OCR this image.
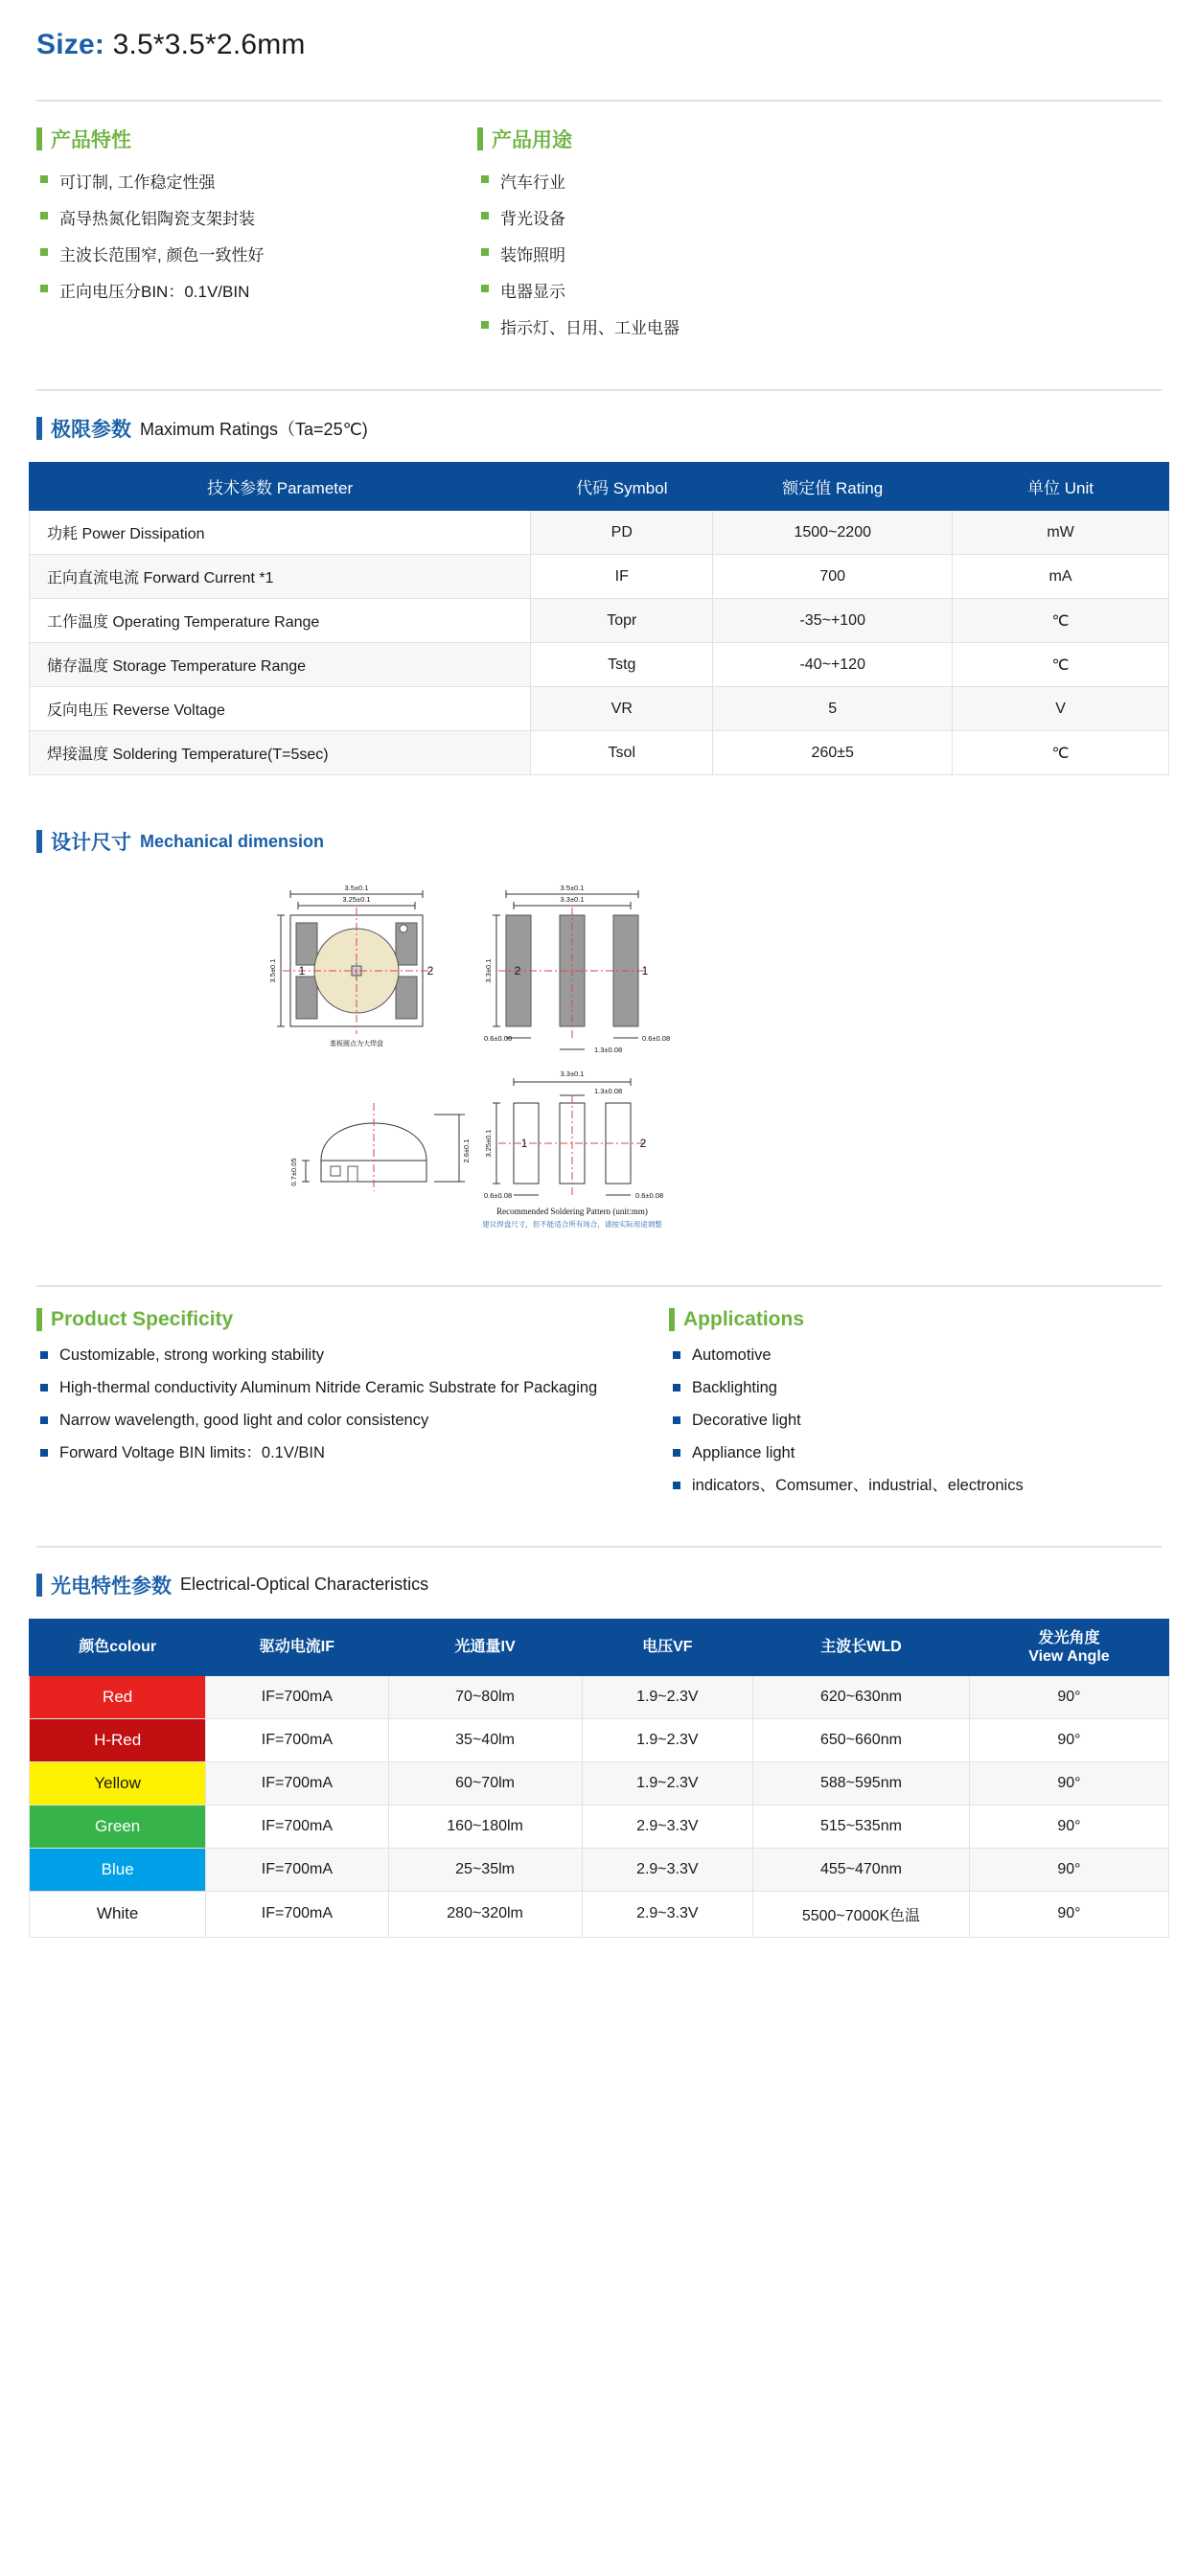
Size: 3.5*3.5*2.6mm
产品特性
可订制, 工作稳定性强
高导热氮化铝陶瓷支架封装
主波长范围窄, 颜色一致性好
正向电压分BIN：0.1V/BIN
产品用途
汽车行业
背光设备
装饰照明
电器显示
指示灯、日用、工业电器
极限参数 Maximum Ratings（Ta=25℃)
技术参数 Parameter	代码 Symbol	额定值 Rating	单位 Unit
功耗 Power Dissipation	PD	1500~2200	mW
正向直流电流 Forward Current *1	IF	700	mA
工作温度 Operating Temperature Range	Topr	-35~+100	℃
储存温度 Storage Temperature Range	Tstg	-40~+120	℃
反向电压 Reverse Voltage	VR	5	V
焊接温度 Soldering Temperature(T=5sec)	Tsol	260±5	℃
设计尺寸 Mechanical dimension
3.5±0.1
3.25±0.1
3.5±0.1 1	2
基板圆点为大焊盘
3.5±0.1
3.3±0.1
3.3±0.1 2	1
0.6±0.08	0.6±0.08
1.3±0.08
0.7±0.05
2.6±0.1
3.3±0.1
1.3±0.08
3.25±0.1 1	2
0.6±0.08	0.6±0.08
Recommended Soldering Pattern (unit:mm)
建议焊盘尺寸，但不能适合所有场合，请按实际用途调整
Product Specificity
Customizable, strong working stability
High-thermal conductivity Aluminum Nitride Ceramic Substrate for Packaging
Narrow wavelength, good light and color consistency
Forward Voltage BIN limits：0.1V/BIN
Applications
Automotive
Backlighting
Decorative light
Appliance light
indicators、Comsumer、industrial、electronics
光电特性参数 Electrical-Optical Characteristics
颜色colour	驱动电流IF	光通量IV	电压VF	主波长WLD	发光角度
View Angle

Red	IF=700mA	70~80lm	1.9~2.3V	620~630nm	90°
H-Red	IF=700mA	35~40lm	1.9~2.3V	650~660nm	90°
Yellow	IF=700mA	60~70lm	1.9~2.3V	588~595nm	90°
Green	IF=700mA	160~180lm	2.9~3.3V	515~535nm	90°
Blue	IF=700mA	25~35lm	2.9~3.3V	455~470nm	90°
White	IF=700mA	280~320lm	2.9~3.3V	5500~7000K色温	90°
